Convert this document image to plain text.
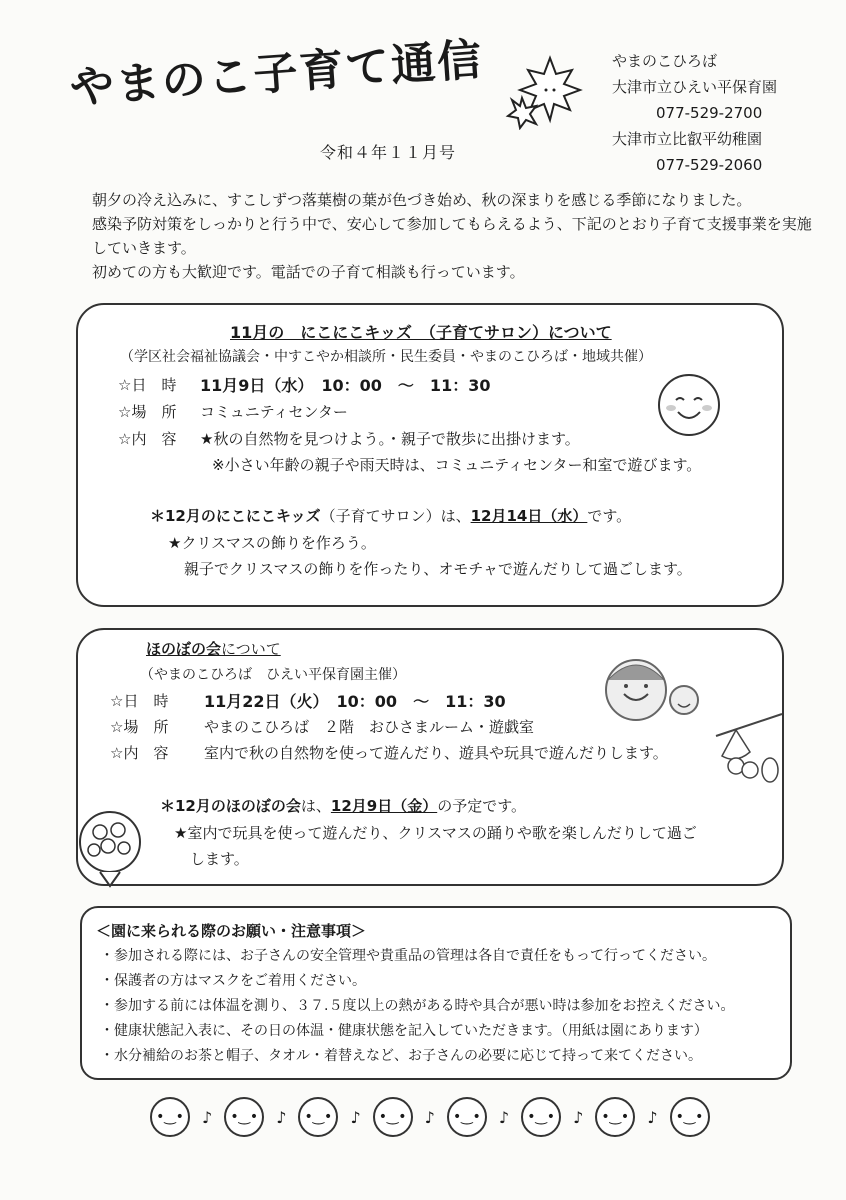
やまのこ子育て通信
令和４年１１月号
やまのこひろば
大津市立ひえい平保育園
077-529-2700
大津市立比叡平幼稚園
077-529-2060

朝夕の冷え込みに、すこしずつ落葉樹の葉が色づき始め、秋の深まりを感じる季節になりました。

感染予防対策をしっかりと行う中で、安心して参加してもらえるよう、下記のとおり子育て支援事業を実施していきます。

初めての方も大歓迎です。電話での子育て相談も行っています。

11月の　にこにこキッズ　（子育てサロン）について
（学区社会福祉協議会・中すこやか相談所・民生委員・やまのこひろば・地域共催）
☆日　時 11月9日（水）　10：00　～　11：30
☆場　所 コミュニティセンター
☆内　容 ★秋の自然物を見つけよう。・親子で散歩に出掛けます。
※小さい年齢の親子や雨天時は、コミュニティセンター和室で遊びます。
＊12月のにこにこキッズ（子育てサロン）は、12月14日（水）です。
★クリスマスの飾りを作ろう。
親子でクリスマスの飾りを作ったり、オモチャで遊んだりして過ごします。
ほのぼの会について
（やまのこひろば　ひえい平保育園主催）
☆日　時 11月22日（火）　10：00　～　11：30
☆場　所 やまのこひろば　２階　おひさまルーム・遊戯室
☆内　容 室内で秋の自然物を使って遊んだり、遊具や玩具で遊んだりします。
＊12月のほのぼの会は、12月9日（金）の予定です。
★室内で玩具を使って遊んだり、クリスマスの踊りや歌を楽しんだりして過ご
します。
＜園に来られる際のお願い・注意事項＞
・参加される際には、お子さんの安全管理や貴重品の管理は各自で責任をもって行ってください。
・保護者の方はマスクをご着用ください。
・参加する前には体温を測り、３７.５度以上の熱がある時や具合が悪い時は参加をお控えください。
・健康状態記入表に、その日の体温・健康状態を記入していただきます。（用紙は園にあります）
・水分補給のお茶と帽子、タオル・着替えなど、お子さんの必要に応じて持って来てください。
•‿•	♪	•‿•	♪	•‿•	♪	•‿•	♪	•‿•	♪	•‿•	♪	•‿•	♪	•‿•
